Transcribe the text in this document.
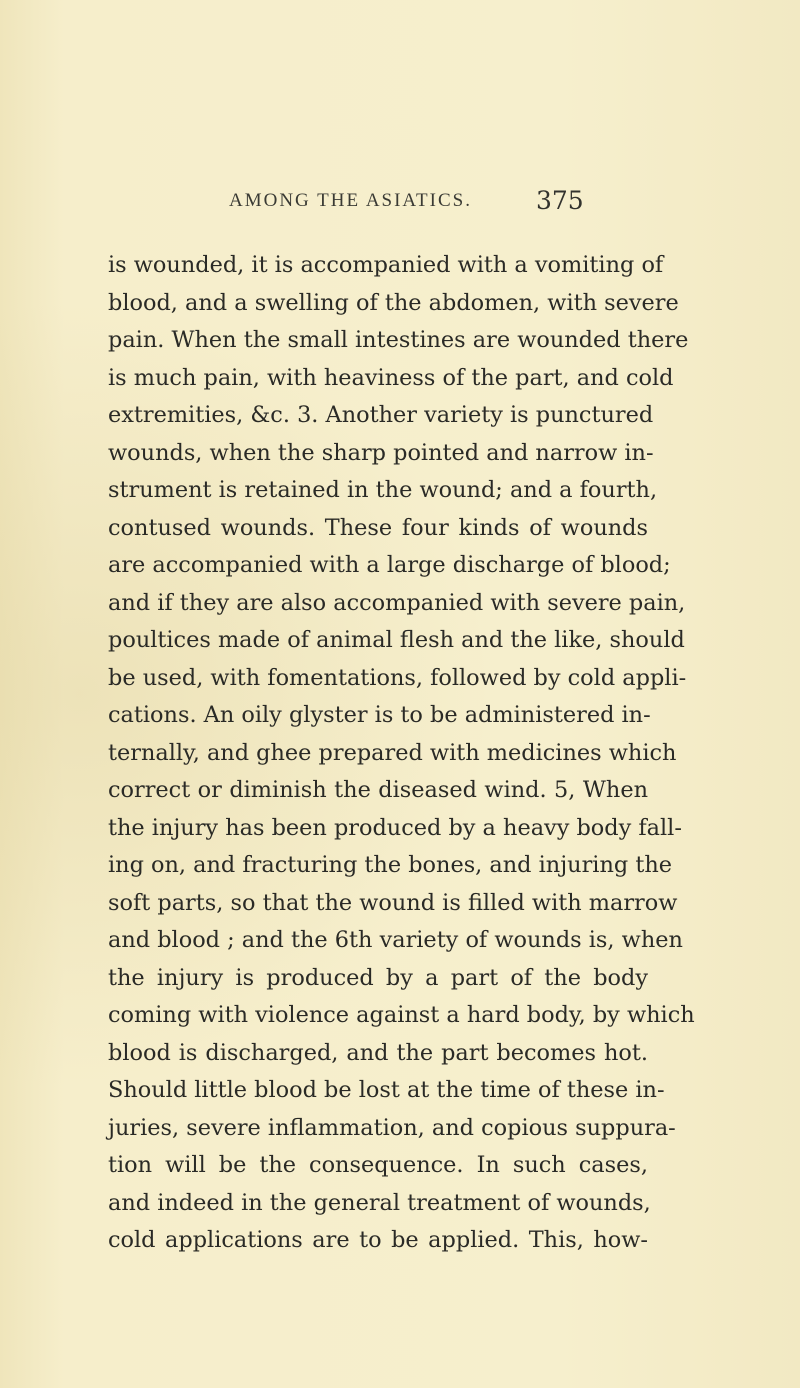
AMONG THE ASIATICS.	375
is wounded, it is accompanied with a vomiting of
blood, and a swelling of the abdomen, with severe
pain. When the small intestines are wounded there
is much pain, with heaviness of the part, and cold
extremities, &c. 3. Another variety is punctured
wounds, when the sharp pointed and narrow in-
strument is retained in the wound; and a fourth,
contused wounds. These four kinds of wounds
are accompanied with a large discharge of blood;
and if they are also accompanied with severe pain,
poultices made of animal flesh and the like, should
be used, with fomentations, followed by cold appli-
cations. An oily glyster is to be administered in-
ternally, and ghee prepared with medicines which
correct or diminish the diseased wind. 5, When
the injury has been produced by a heavy body fall-
ing on, and fracturing the bones, and injuring the
soft parts, so that the wound is filled with marrow
and blood ; and the 6th variety of wounds is, when
the injury is produced by a part of the body
coming with violence against a hard body, by which
blood is discharged, and the part becomes hot.
Should little blood be lost at the time of these in-
juries, severe inflammation, and copious suppura-
tion will be the consequence. In such cases,
and indeed in the general treatment of wounds,
cold applications are to be applied. This, how-
